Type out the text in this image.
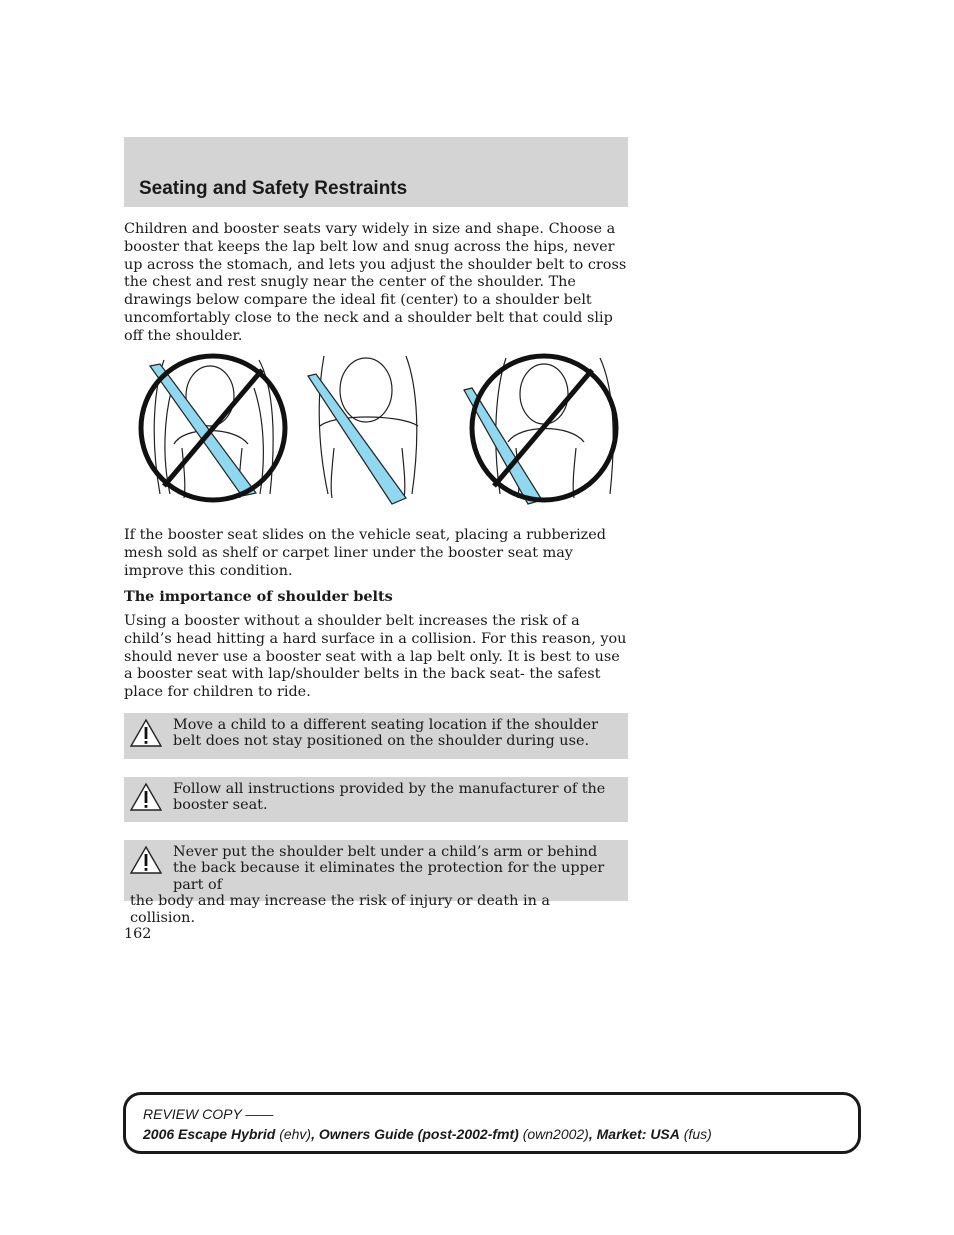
Seating and Safety Restraints

Children and booster seats vary widely in size and shape. Choose a booster that keeps the lap belt low and snug across the hips, never up across the stomach, and lets you adjust the shoulder belt to cross the chest and rest snugly near the center of the shoulder. The drawings below compare the ideal fit (center) to a shoulder belt uncomfortably close to the neck and a shoulder belt that could slip off the shoulder.

If the booster seat slides on the vehicle seat, placing a rubberized mesh sold as shelf or carpet liner under the booster seat may improve this condition.

The importance of shoulder belts

Using a booster without a shoulder belt increases the risk of a child’s head hitting a hard surface in a collision. For this reason, you should never use a booster seat with a lap belt only. It is best to use a booster seat with lap/shoulder belts in the back seat- the safest place for children to ride.

Move a child to a different seating location if the shoulder belt does not stay positioned on the shoulder during use.
Follow all instructions provided by the manufacturer of the booster seat.
Never put the shoulder belt under a child’s arm or behind the back because it eliminates the protection for the upper part of
the body and may increase the risk of injury or death in a collision.
162
REVIEW COPY ——
2006 Escape Hybrid (ehv), Owners Guide (post-2002-fmt) (own2002), Market: USA (fus)
